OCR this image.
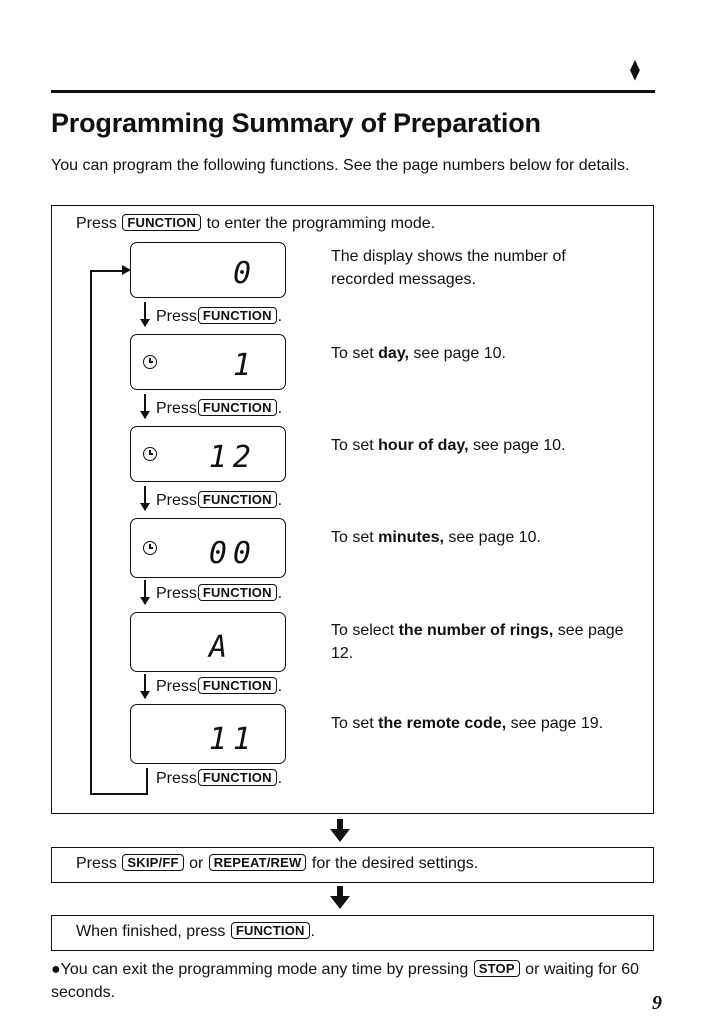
⧫
Programming Summary of Preparation
You can program the following functions. See the page numbers below for details.
Press FUNCTION to enter the programming mode.
0	The display shows the number of recorded messages.
Press FUNCTION .
1	To set day, see page 10.
Press FUNCTION .
12	To set hour of day, see page 10.
Press FUNCTION .
00	To set minutes, see page 10.
Press FUNCTION .
A	To select the number of rings, see page 12.
Press FUNCTION .
11	To set the remote code, see page 19.
Press FUNCTION .
Press SKIP/FF or REPEAT/REW for the desired settings.
When finished, press FUNCTION .
●You can exit the programming mode any time by pressing STOP or waiting for 60 seconds.	9
